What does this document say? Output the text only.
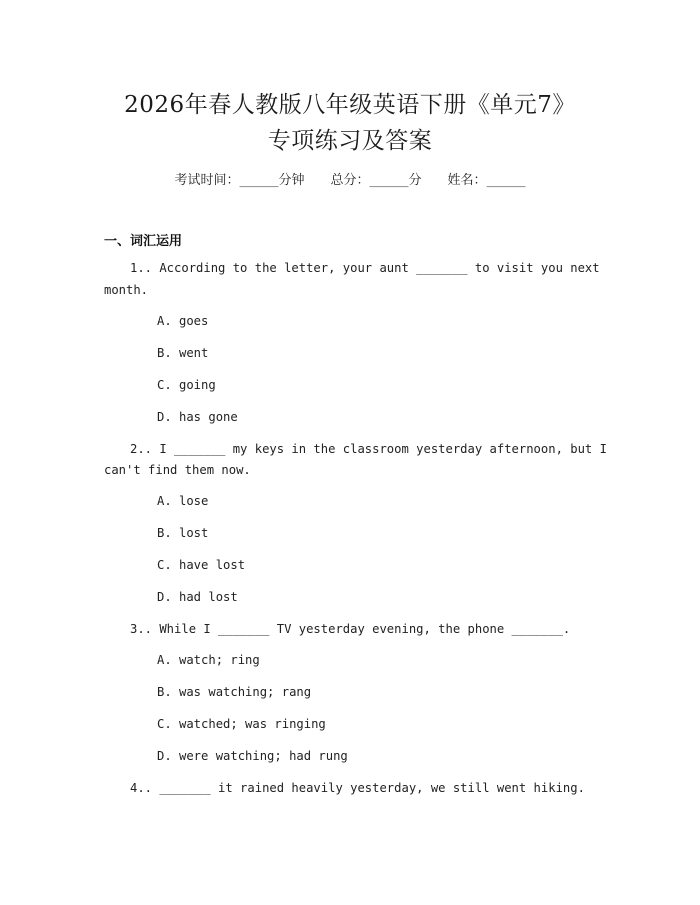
2026年春人教版八年级英语下册《单元7》
专项练习及答案
考试时间：______分钟 总分：______分 姓名：______
一、词汇运用
1.. According to the letter, your aunt _______ to visit you next
month.
A. goes
B. went
C. going
D. has gone
2.. I _______ my keys in the classroom yesterday afternoon, but I
can't find them now.
A. lose
B. lost
C. have lost
D. had lost
3.. While I _______ TV yesterday evening, the phone _______.
A. watch; ring
B. was watching; rang
C. watched; was ringing
D. were watching; had rung
4.. _______ it rained heavily yesterday, we still went hiking.
